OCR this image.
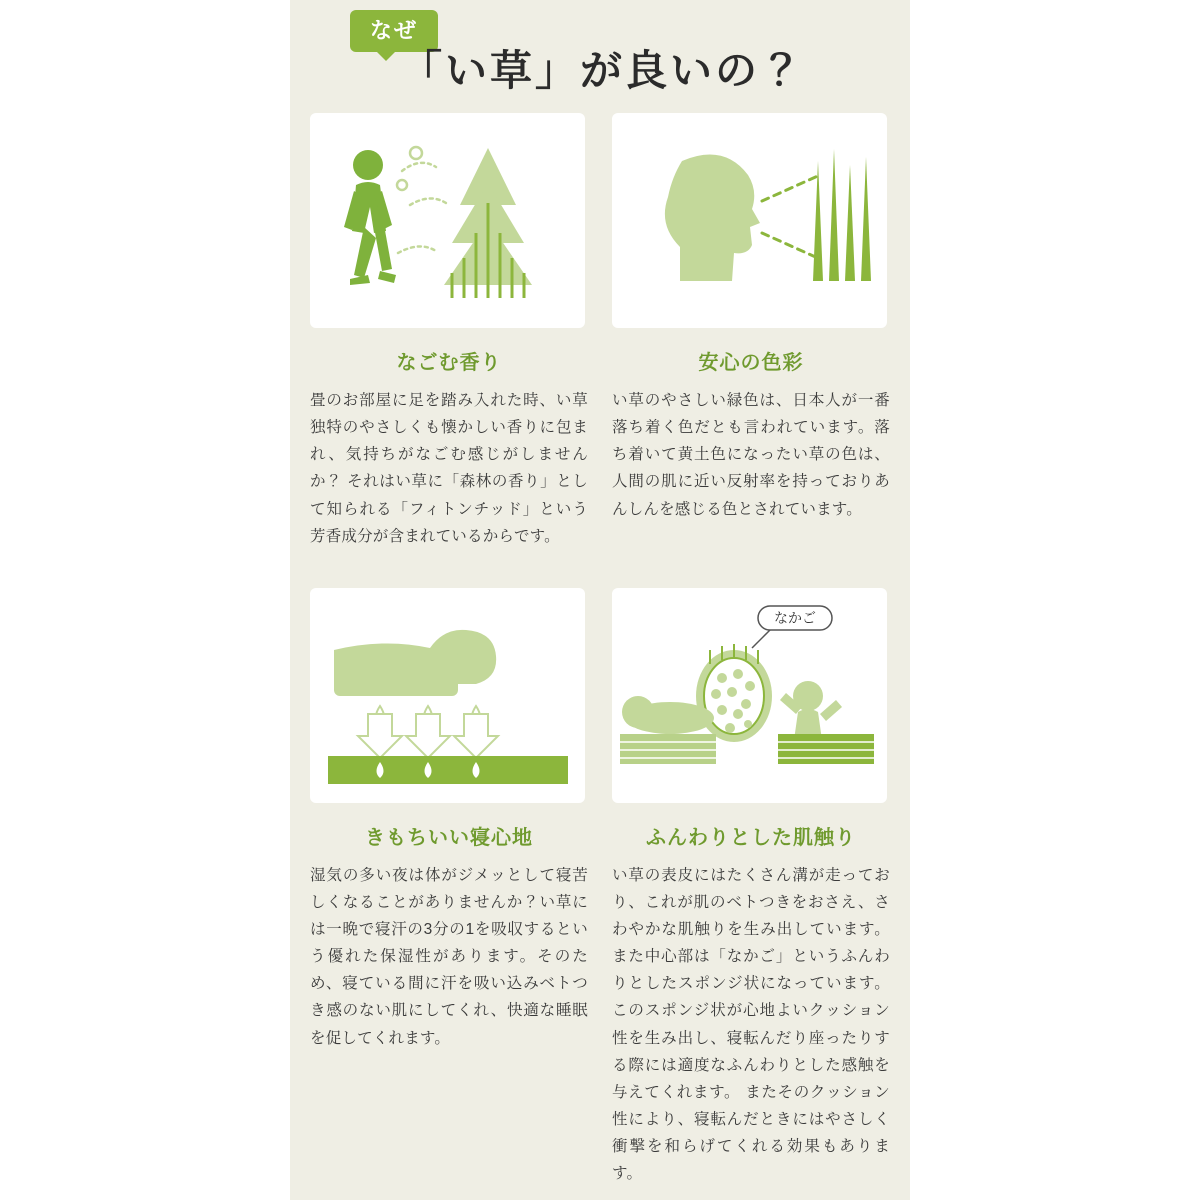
なぜ
「い草」が良いの？
なごむ香り
畳のお部屋に足を踏み入れた時、い草独特のやさしくも懐かしい香りに包まれ、気持ちがなごむ感じがしませんか？ それはい草に「森林の香り」として知られる「フィトンチッド」という芳香成分が含まれているからです。
安心の色彩
い草のやさしい緑色は、日本人が一番落ち着く色だとも言われています。落ち着いて黄土色になったい草の色は、人間の肌に近い反射率を持っておりあんしんを感じる色とされています。
きもちいい寝心地
湿気の多い夜は体がジメッとして寝苦しくなることがありませんか？い草には一晩で寝汗の3分の1を吸収するという優れた保湿性があります。そのため、寝ている間に汗を吸い込みベトつき感のない肌にしてくれ、快適な睡眠を促してくれます。
なかご
ふんわりとした肌触り
い草の表皮にはたくさん溝が走っており、これが肌のベトつきをおさえ、さわやかな肌触りを生み出しています。また中心部は「なかご」というふんわりとしたスポンジ状になっています。このスポンジ状が心地よいクッション性を生み出し、寝転んだり座ったりする際には適度なふんわりとした感触を与えてくれます。 またそのクッション性により、寝転んだときにはやさしく衝撃を和らげてくれる効果もあります。
